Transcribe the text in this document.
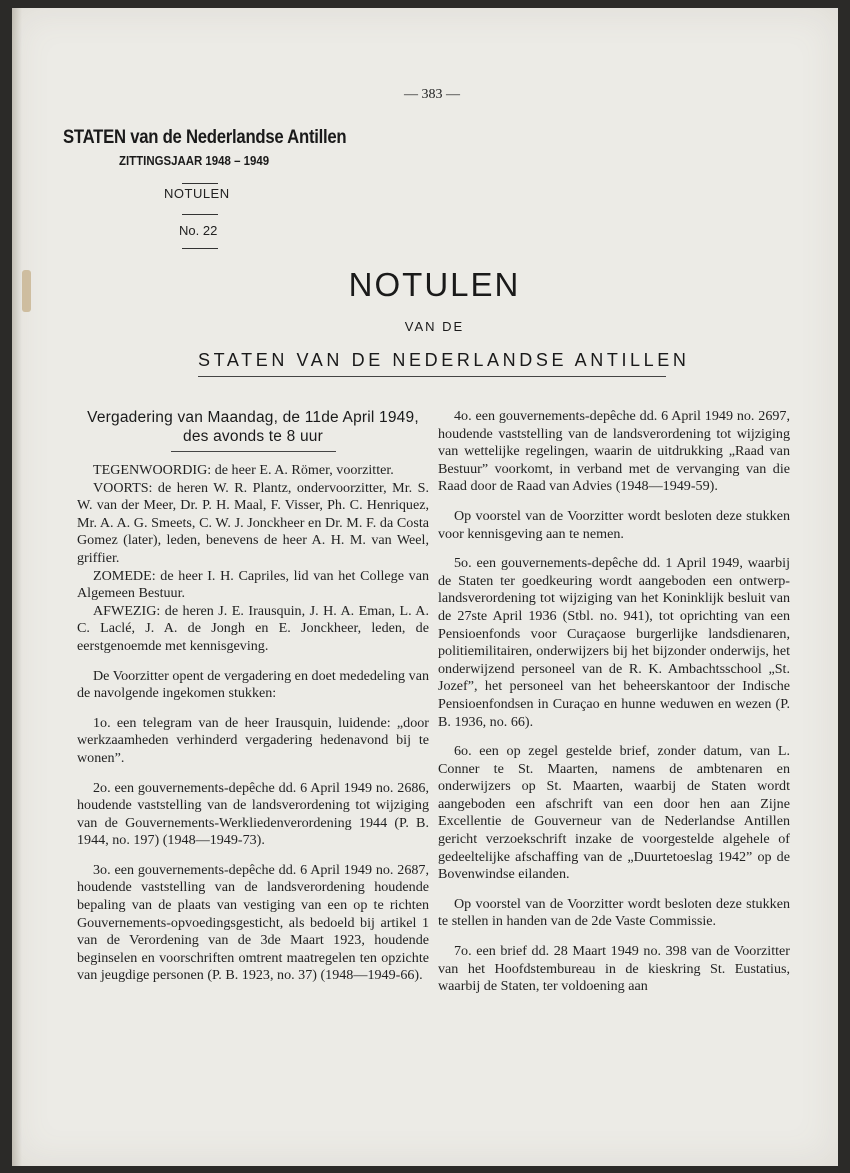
— 383 —
STATEN van de Nederlandse Antillen
ZITTINGSJAAR 1948 – 1949
NOTULEN
No. 22
NOTULEN
VAN DE
STATEN VAN DE NEDERLANDSE ANTILLEN
Vergadering van Maandag, de 11de April 1949, des avonds te 8 uur

TEGENWOORDIG: de heer E. A. Römer, voorzitter.

VOORTS: de heren W. R. Plantz, ondervoorzitter, Mr. S. W. van der Meer, Dr. P. H. Maal, F. Visser, Ph. C. Henriquez, Mr. A. A. G. Smeets, C. W. J. Jonckheer en Dr. M. F. da Costa Gomez (later), leden, benevens de heer A. H. M. van Weel, griffier.

ZOMEDE: de heer I. H. Capriles, lid van het College van Algemeen Bestuur.

AFWEZIG: de heren J. E. Irausquin, J. H. A. Eman, L. A. C. Laclé, J. A. de Jongh en E. Jonckheer, leden, de eerstgenoemde met kennisgeving.

De Voorzitter opent de vergadering en doet mededeling van de navolgende ingekomen stukken:

1o. een telegram van de heer Irausquin, luidende: „door werkzaamheden verhinderd vergadering hedenavond bij te wonen”.

2o. een gouvernements-depêche dd. 6 April 1949 no. 2686, houdende vaststelling van de landsverordening tot wijziging van de Gouvernements-Werkliedenverordening 1944 (P. B. 1944, no. 197) (1948—1949-73).

3o. een gouvernements-depêche dd. 6 April 1949 no. 2687, houdende vaststelling van de landsverordening houdende bepaling van de plaats van vestiging van een op te richten Gouvernements-opvoedingsgesticht, als bedoeld bij artikel 1 van de Verordening van de 3de Maart 1923, houdende beginselen en voorschriften omtrent maatregelen ten opzichte van jeugdige personen (P. B. 1923, no. 37) (1948—1949-66).

4o. een gouvernements-depêche dd. 6 April 1949 no. 2697, houdende vaststelling van de landsverordening tot wijziging van wettelijke regelingen, waarin de uitdrukking „Raad van Bestuur” voorkomt, in verband met de vervanging van die Raad door de Raad van Advies (1948—1949-59).

Op voorstel van de Voorzitter wordt besloten deze stukken voor kennisgeving aan te nemen.

5o. een gouvernements-depêche dd. 1 April 1949, waarbij de Staten ter goedkeuring wordt aangeboden een ontwerp-landsverordening tot wijziging van het Koninklijk besluit van de 27ste April 1936 (Stbl. no. 941), tot oprichting van een Pensioenfonds voor Curaçaose burgerlijke landsdienaren, politiemilitairen, onderwijzers bij het bijzonder onderwijs, het onderwijzend personeel van de R. K. Ambachtsschool „St. Jozef”, het personeel van het beheerskantoor der Indische Pensioenfondsen in Curaçao en hunne weduwen en wezen (P. B. 1936, no. 66).

6o. een op zegel gestelde brief, zonder datum, van L. Conner te St. Maarten, namens de ambtenaren en onderwijzers op St. Maarten, waarbij de Staten wordt aangeboden een afschrift van een door hen aan Zijne Excellentie de Gouverneur van de Nederlandse Antillen gericht verzoekschrift inzake de voorgestelde algehele of gedeeltelijke afschaffing van de „Duurtetoeslag 1942” op de Bovenwindse eilanden.

Op voorstel van de Voorzitter wordt besloten deze stukken te stellen in handen van de 2de Vaste Commissie.

7o. een brief dd. 28 Maart 1949 no. 398 van de Voorzitter van het Hoofdstembureau in de kieskring St. Eustatius, waarbij de Staten, ter voldoening aan
